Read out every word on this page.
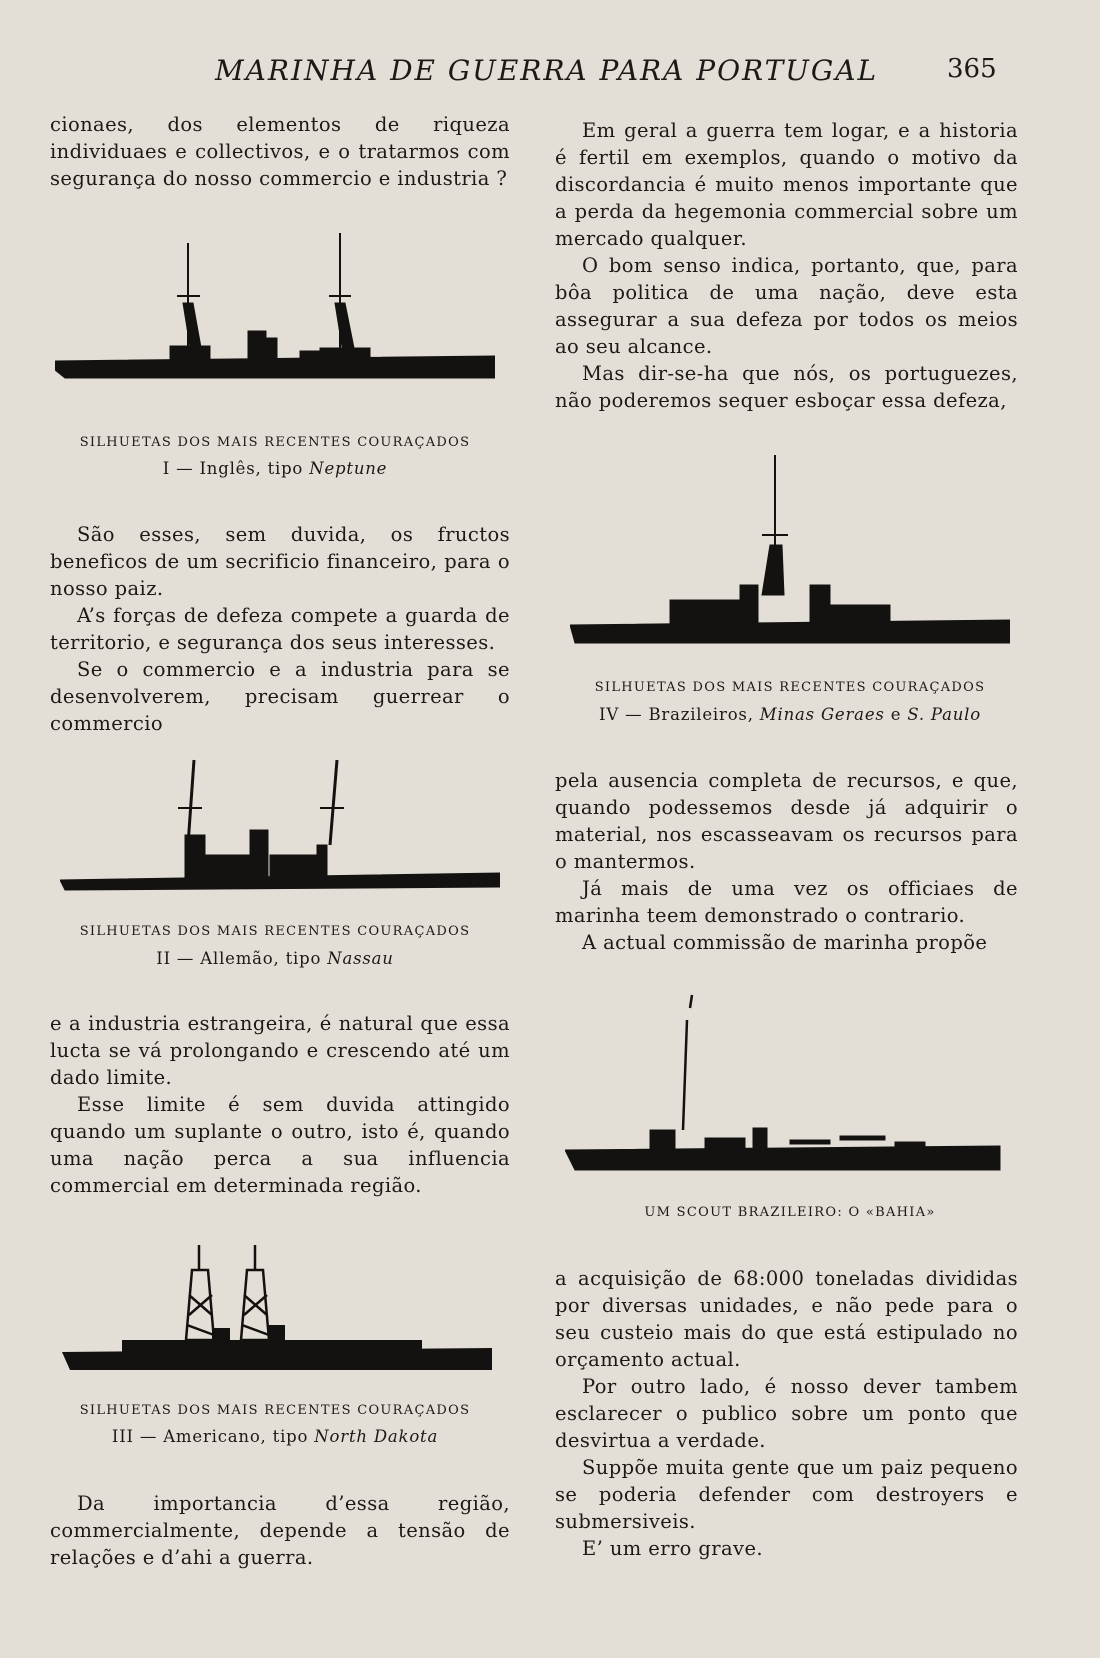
MARINHA DE GUERRA PARA PORTUGAL	365

cionaes, dos elementos de riqueza individuaes e collectivos, e o tratarmos com segurança do nosso commercio e industria ?

SILHUETAS DOS MAIS RECENTES COURAÇADOS
I — Inglês, tipo Neptune

São esses, sem duvida, os fructos beneficos de um secrificio financeiro, para o nosso paiz.

A’s forças de defeza compete a guarda de territorio, e segurança dos seus interesses.

Se o commercio e a industria para se desenvolverem, precisam guerrear o commercio

SILHUETAS DOS MAIS RECENTES COURAÇADOS
II — Allemão, tipo Nassau

e a industria estrangeira, é natural que essa lucta se vá prolongando e crescendo até um dado limite.

Esse limite é sem duvida attingido quando um suplante o outro, isto é, quando uma nação perca a sua influencia commercial em determinada região.

SILHUETAS DOS MAIS RECENTES COURAÇADOS
III — Americano, tipo North Dakota

Da importancia d’essa região, commercialmente, depende a tensão de relações e d’ahi a guerra.

Em geral a guerra tem logar, e a historia é fertil em exemplos, quando o motivo da discordancia é muito menos importante que a perda da hegemonia commercial sobre um mercado qualquer.

O bom senso indica, portanto, que, para bôa politica de uma nação, deve esta assegurar a sua defeza por todos os meios ao seu alcance.

Mas dir-se-ha que nós, os portuguezes, não poderemos sequer esboçar essa defeza,

SILHUETAS DOS MAIS RECENTES COURAÇADOS
IV — Brazileiros, Minas Geraes e S. Paulo

pela ausencia completa de recursos, e que, quando podessemos desde já adquirir o material, nos escasseavam os recursos para o mantermos.

Já mais de uma vez os officiaes de marinha teem demonstrado o contrario.

A actual commissão de marinha propõe

UM SCOUT BRAZILEIRO: O «BAHIA»

a acquisição de 68:000 toneladas divididas por diversas unidades, e não pede para o seu custeio mais do que está estipulado no orçamento actual.

Por outro lado, é nosso dever tambem esclarecer o publico sobre um ponto que desvirtua a verdade.

Suppõe muita gente que um paiz pequeno se poderia defender com destroyers e submersiveis.

E’ um erro grave.
